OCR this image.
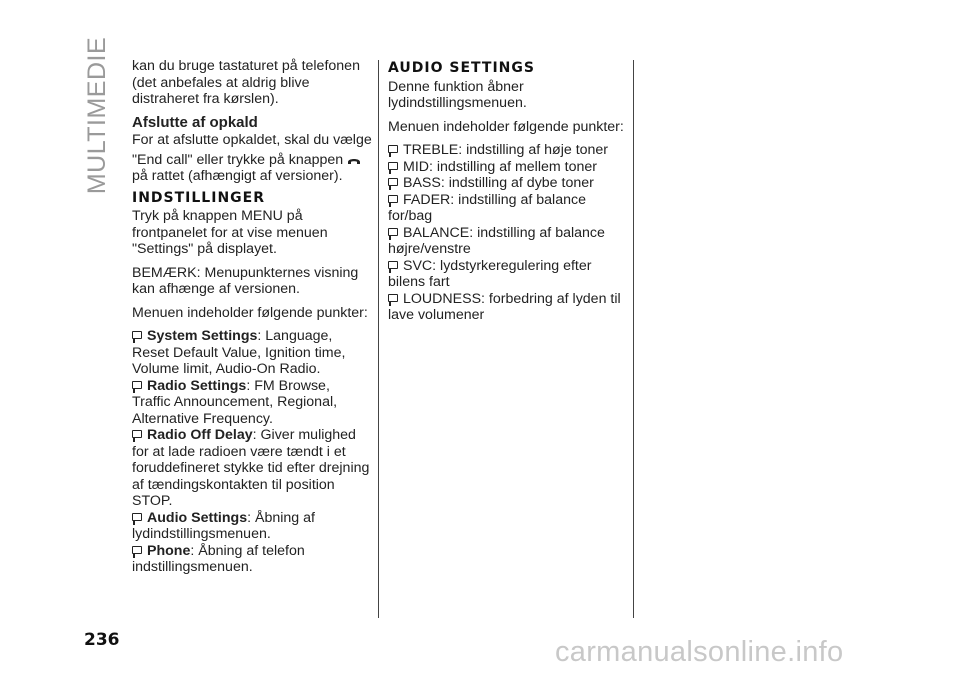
MULTIMEDIE kan du bruge tastaturet på telefonen (det anbefales at aldrig blive distraheret fra kørslen).

Afslutte af opkald

For at afslutte opkaldet, skal du vælge

"End call" eller trykke på knappen
på rattet (afhængigt af versioner).

INDSTILLINGER

Tryk på knappen MENU på frontpanelet for at vise menuen "Settings" på displayet.

BEMÆRK: Menupunkternes visning kan afhænge af versionen.

Menuen indeholder følgende punkter:

System Settings: Language, Reset Default Value, Ignition time, Volume limit, Audio-On Radio.
Radio Settings: FM Browse, Traffic Announcement, Regional, Alternative Frequency.
Radio Off Delay: Giver mulighed for at lade radioen være tændt i et foruddefineret stykke tid efter drejning af tændingskontakten til position STOP.
Audio Settings: Åbning af lydindstillingsmenuen.
Phone: Åbning af telefon indstillingsmenuen.
AUDIO SETTINGS

Denne funktion åbner lydindstillingsmenuen.

Menuen indeholder følgende punkter:

TREBLE: indstilling af høje toner
MID: indstilling af mellem toner
BASS: indstilling af dybe toner
FADER: indstilling af balance for/bag
BALANCE: indstilling af balance højre/venstre
SVC: lydstyrkeregulering efter bilens fart
LOUDNESS: forbedring af lyden til lave volumener
236	carmanualsonline.info
